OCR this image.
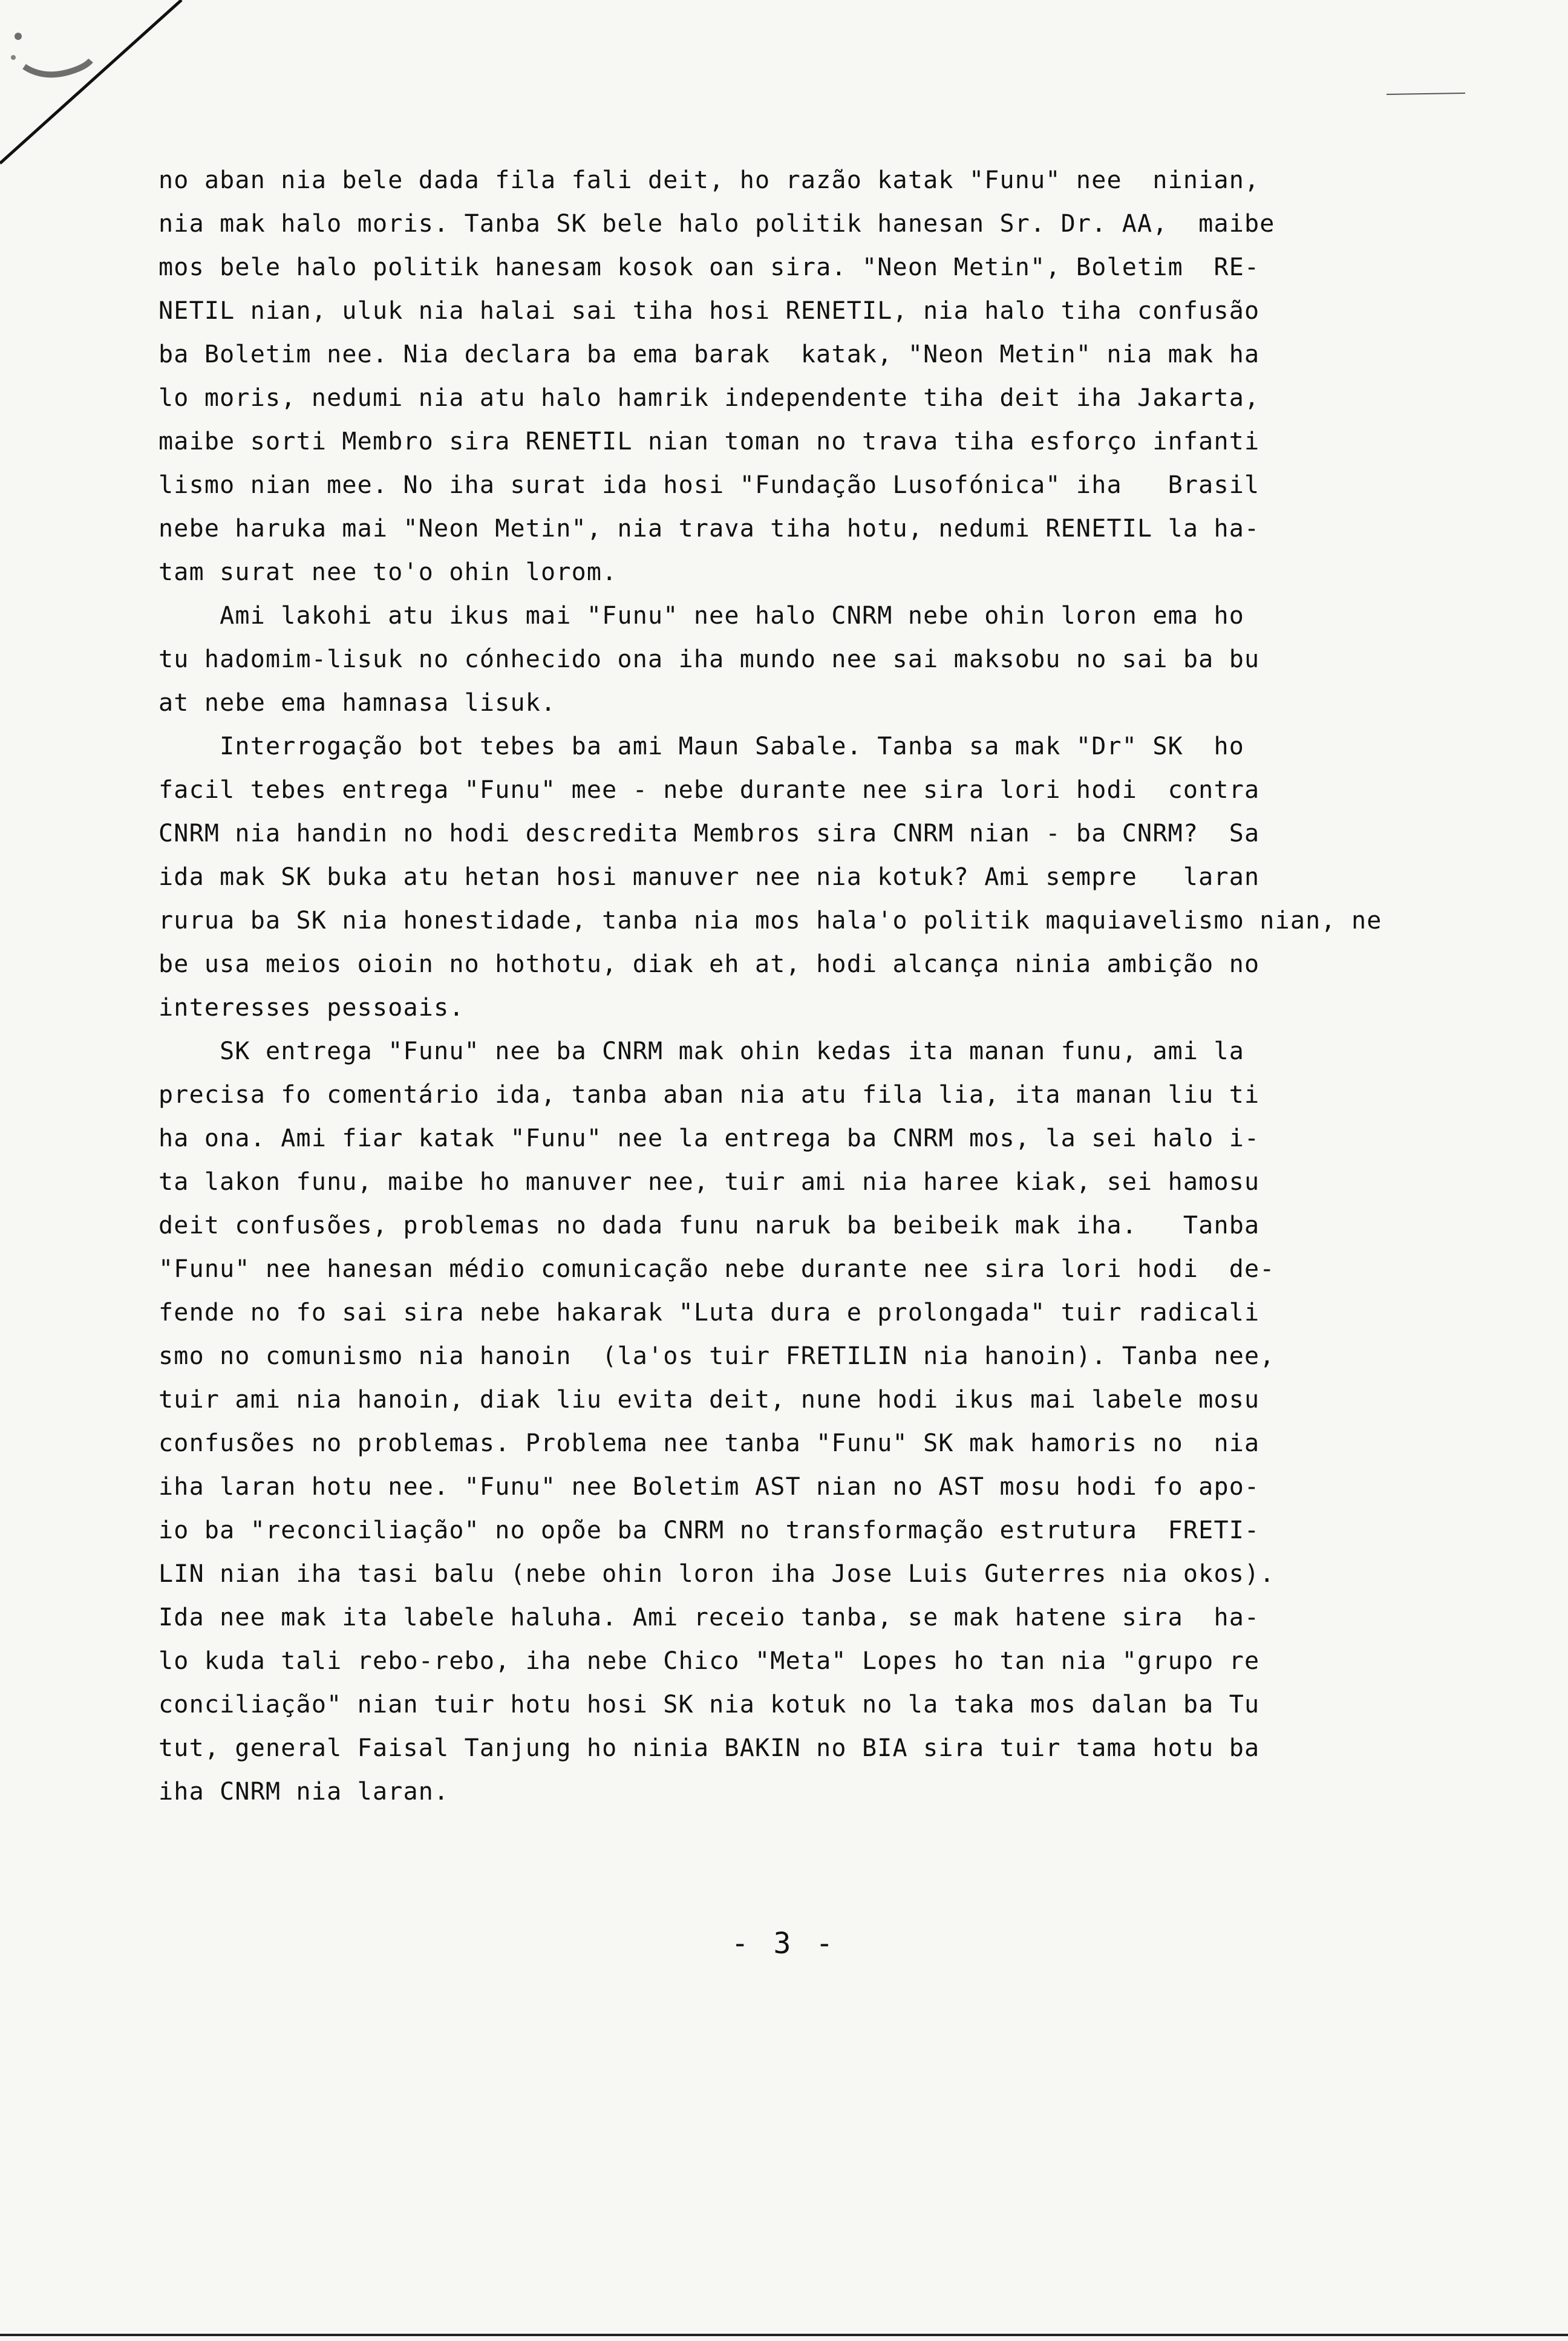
no aban nia bele dada fila fali deit, ho razão katak "Funu" nee  ninian,
nia mak halo moris. Tanba SK bele halo politik hanesan Sr. Dr. AA,  maibe
mos bele halo politik hanesam kosok oan sira. "Neon Metin", Boletim  RE-
NETIL nian, uluk nia halai sai tiha hosi RENETIL, nia halo tiha confusão
ba Boletim nee. Nia declara ba ema barak  katak, "Neon Metin" nia mak ha
lo moris, nedumi nia atu halo hamrik independente tiha deit iha Jakarta,
maibe sorti Membro sira RENETIL nian toman no trava tiha esforço infanti
lismo nian mee. No iha surat ida hosi "Fundação Lusofónica" iha   Brasil
nebe haruka mai "Neon Metin", nia trava tiha hotu, nedumi RENETIL la ha-
tam surat nee to'o ohin lorom.
Ami lakohi atu ikus mai "Funu" nee halo CNRM nebe ohin loron ema ho
tu hadomim-lisuk no cónhecido ona iha mundo nee sai maksobu no sai ba bu
at nebe ema hamnasa lisuk.
Interrogação bot tebes ba ami Maun Sabale. Tanba sa mak "Dr" SK  ho
facil tebes entrega "Funu" mee - nebe durante nee sira lori hodi  contra
CNRM nia handin no hodi descredita Membros sira CNRM nian - ba CNRM?  Sa
ida mak SK buka atu hetan hosi manuver nee nia kotuk? Ami sempre   laran
rurua ba SK nia honestidade, tanba nia mos hala'o politik maquiavelismo nian, ne
be usa meios oioin no hothotu, diak eh at, hodi alcança ninia ambição no
interesses pessoais.
SK entrega "Funu" nee ba CNRM mak ohin kedas ita manan funu, ami la
precisa fo comentário ida, tanba aban nia atu fila lia, ita manan liu ti
ha ona. Ami fiar katak "Funu" nee la entrega ba CNRM mos, la sei halo i-
ta lakon funu, maibe ho manuver nee, tuir ami nia haree kiak, sei hamosu
deit confusões, problemas no dada funu naruk ba beibeik mak iha.   Tanba
"Funu" nee hanesan médio comunicação nebe durante nee sira lori hodi  de-
fende no fo sai sira nebe hakarak "Luta dura e prolongada" tuir radicali
smo no comunismo nia hanoin  (la'os tuir FRETILIN nia hanoin). Tanba nee,
tuir ami nia hanoin, diak liu evita deit, nune hodi ikus mai labele mosu
confusões no problemas. Problema nee tanba "Funu" SK mak hamoris no  nia
iha laran hotu nee. "Funu" nee Boletim AST nian no AST mosu hodi fo apo-
io ba "reconciliação" no opõe ba CNRM no transformação estrutura  FRETI-
LIN nian iha tasi balu (nebe ohin loron iha Jose Luis Guterres nia okos).
Ida nee mak ita labele haluha. Ami receio tanba, se mak hatene sira  ha-
lo kuda tali rebo-rebo, iha nebe Chico "Meta" Lopes ho tan nia "grupo re
conciliação" nian tuir hotu hosi SK nia kotuk no la taka mos dalan ba Tu
tut, general Faisal Tanjung ho ninia BAKIN no BIA sira tuir tama hotu ba
iha CNRM nia laran.
- 3 -
